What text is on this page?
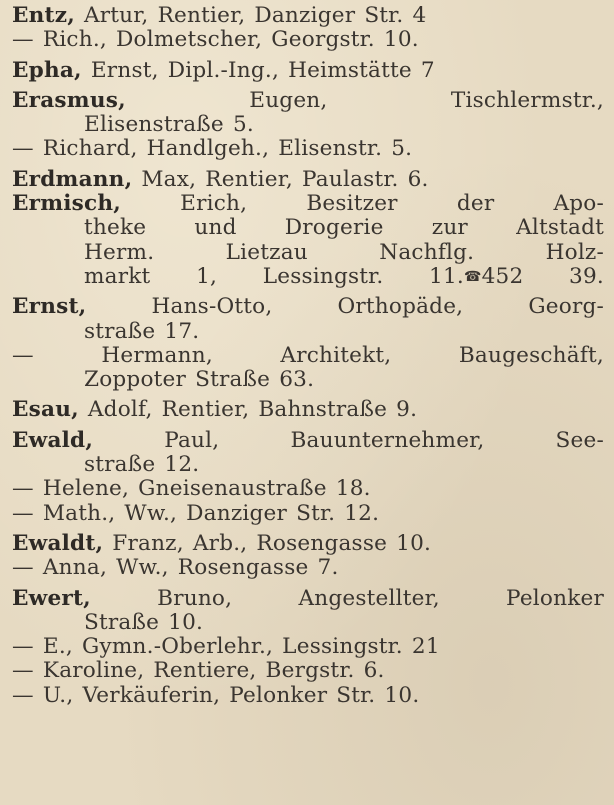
Entz, Artur, Rentier, Danziger Str. 4
— Rich., Dolmetscher, Georgstr. 10.
Epha, Ernst, Dipl.-Ing., Heimstätte 7
Erasmus, Eugen, Tischlermstr.,
Elisenstraße 5.
— Richard, Handlgeh., Elisenstr. 5.
Erdmann, Max, Rentier, Paulastr. 6.
Ermisch, Erich, Besitzer der Apo-
theke und Drogerie zur Altstadt
Herm. Lietzau Nachflg. Holz-
markt 1, Lessingstr. 11.☎452 39.
Ernst, Hans-Otto, Orthopäde, Georg-
straße 17.
— Hermann, Architekt, Baugeschäft,
Zoppoter Straße 63.
Esau, Adolf, Rentier, Bahnstraße 9.
Ewald, Paul, Bauunternehmer, See-
straße 12.
— Helene, Gneisenaustraße 18.
— Math., Ww., Danziger Str. 12.
Ewaldt, Franz, Arb., Rosengasse 10.
— Anna, Ww., Rosengasse 7.
Ewert, Bruno, Angestellter, Pelonker
Straße 10.
— E., Gymn.-Oberlehr., Lessingstr. 21
— Karoline, Rentiere, Bergstr. 6.
— U., Verkäuferin, Pelonker Str. 10.
